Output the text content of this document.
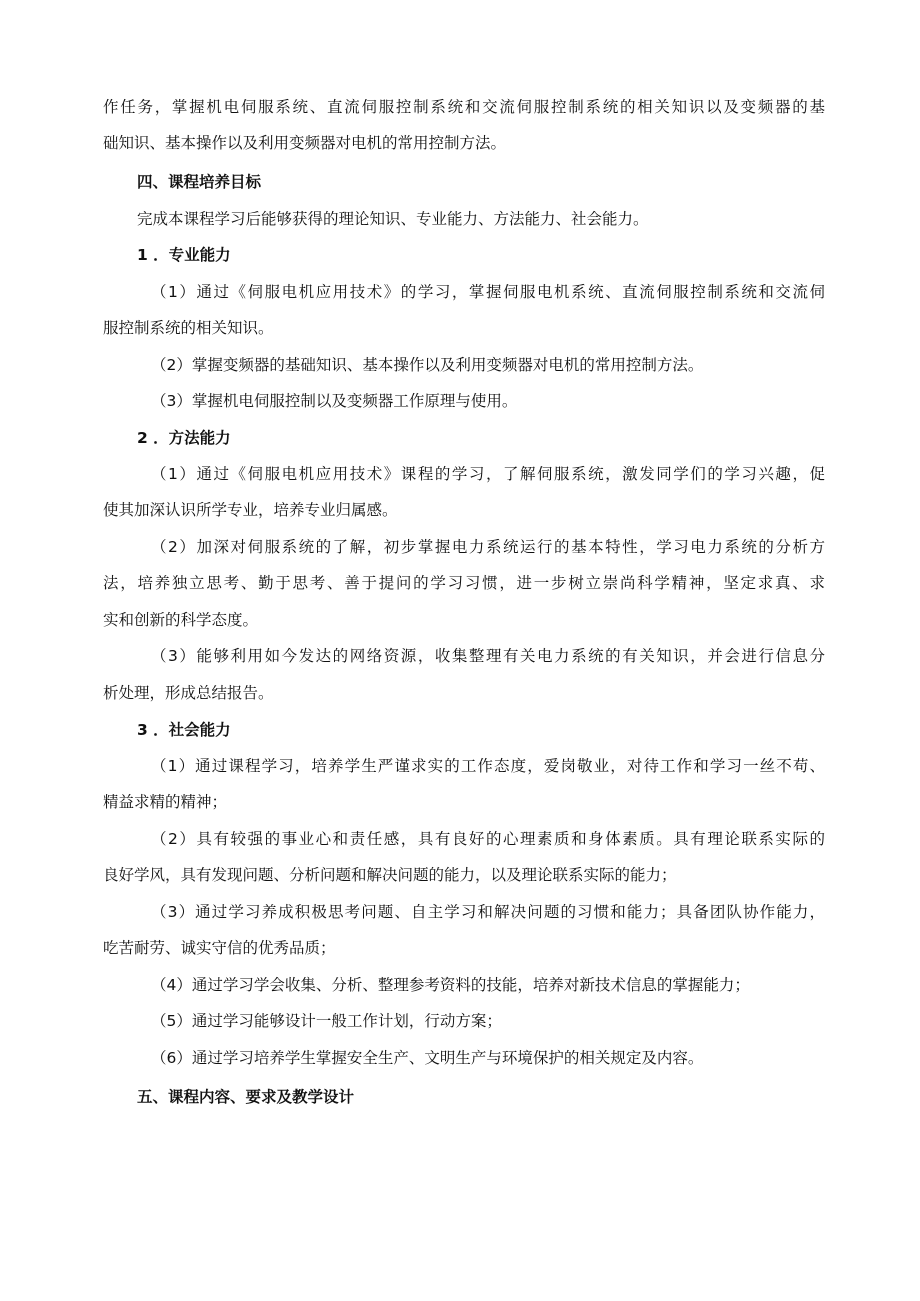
作任务，掌握机电伺服系统、直流伺服控制系统和交流伺服控制系统的相关知识以及变频器的基
础知识、基本操作以及利用变频器对电机的常用控制方法。
四、课程培养目标
完成本课程学习后能够获得的理论知识、专业能力、方法能力、社会能力。
1 ．专业能力
（1）通过《伺服电机应用技术》的学习，掌握伺服电机系统、直流伺服控制系统和交流伺
服控制系统的相关知识。
（2）掌握变频器的基础知识、基本操作以及利用变频器对电机的常用控制方法。
（3）掌握机电伺服控制以及变频器工作原理与使用。
2 ．方法能力
（1）通过《伺服电机应用技术》课程的学习，了解伺服系统，激发同学们的学习兴趣，促
使其加深认识所学专业，培养专业归属感。
（2）加深对伺服系统的了解，初步掌握电力系统运行的基本特性，学习电力系统的分析方
法，培养独立思考、勤于思考、善于提问的学习习惯，进一步树立崇尚科学精神，坚定求真、求
实和创新的科学态度。
（3）能够利用如今发达的网络资源，收集整理有关电力系统的有关知识，并会进行信息分
析处理，形成总结报告。
3 ．社会能力
（1）通过课程学习，培养学生严谨求实的工作态度，爱岗敬业，对待工作和学习一丝不苟、
精益求精的精神；
（2）具有较强的事业心和责任感，具有良好的心理素质和身体素质。具有理论联系实际的
良好学风，具有发现问题、分析问题和解决问题的能力，以及理论联系实际的能力；
（3）通过学习养成积极思考问题、自主学习和解决问题的习惯和能力；具备团队协作能力，
吃苦耐劳、诚实守信的优秀品质；
（4）通过学习学会收集、分析、整理参考资料的技能，培养对新技术信息的掌握能力；
（5）通过学习能够设计一般工作计划，行动方案；
（6）通过学习培养学生掌握安全生产、文明生产与环境保护的相关规定及内容。
五、课程内容、要求及教学设计
